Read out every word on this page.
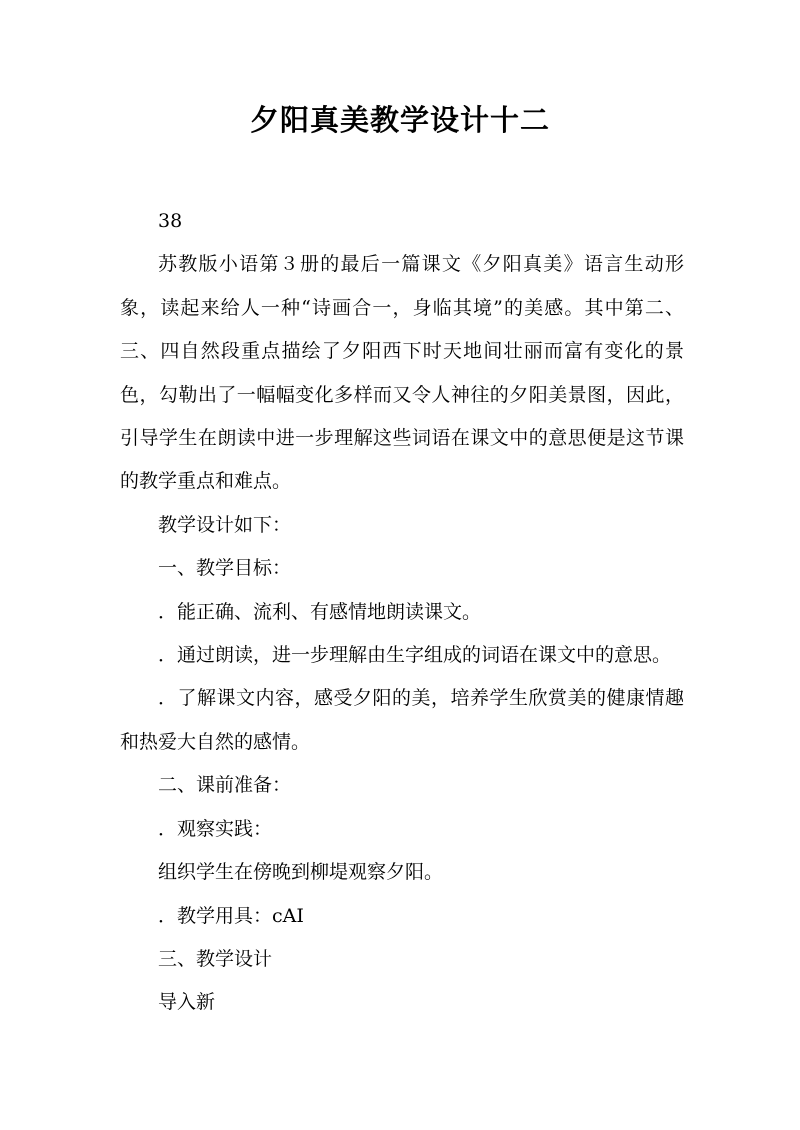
夕阳真美教学设计十二

38

苏教版小语第３册的最后一篇课文《夕阳真美》语言生动形象，读起来给人一种“诗画合一，身临其境”的美感。其中第二、三、四自然段重点描绘了夕阳西下时天地间壮丽而富有变化的景色，勾勒出了一幅幅变化多样而又令人神往的夕阳美景图，因此，引导学生在朗读中进一步理解这些词语在课文中的意思便是这节课的教学重点和难点。

教学设计如下：

一、教学目标：

．能正确、流利、有感情地朗读课文。

．通过朗读，进一步理解由生字组成的词语在课文中的意思。

．了解课文内容，感受夕阳的美，培养学生欣赏美的健康情趣和热爱大自然的感情。

二、课前准备：

．观察实践：

组织学生在傍晚到柳堤观察夕阳。

．教学用具：cAI

三、教学设计

导入新
